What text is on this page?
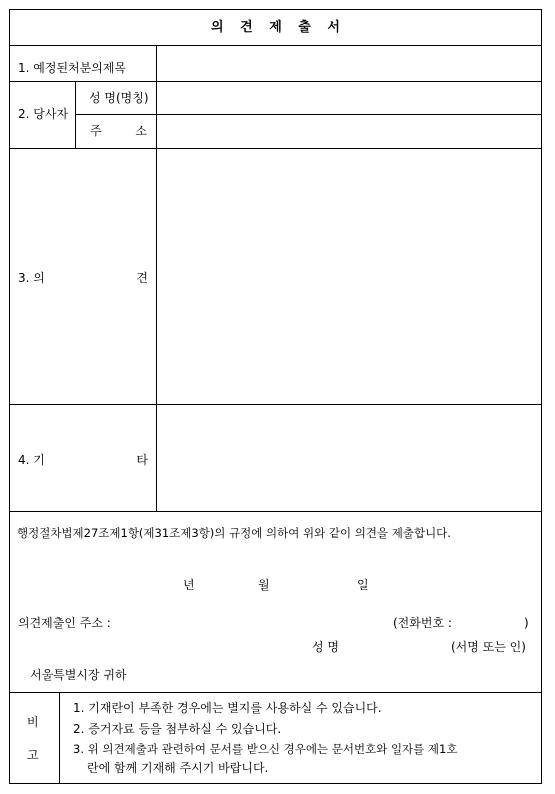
의 견 제 출 서
1. 예정된처분의제목
2. 당사자
성 명(명칭)
주	소
3. 의	견
4. 기	타
행정절차법제27조제1항(제31조제3항)의 규정에 의하여 위와 같이 의견을 제출합니다.
년	월	일
의견제출인 주소 :	(전화번호 :	)
성 명	(서명 또는 인)
서울특별시장 귀하
비
고
1. 기재란이 부족한 경우에는 별지를 사용하실 수 있습니다.
2. 증거자료 등을 첨부하실 수 있습니다.
3. 위 의견제출과 관련하여 문서를 받으신 경우에는 문서번호와 일자를 제1호
란에 함께 기재해 주시기 바랍니다.
